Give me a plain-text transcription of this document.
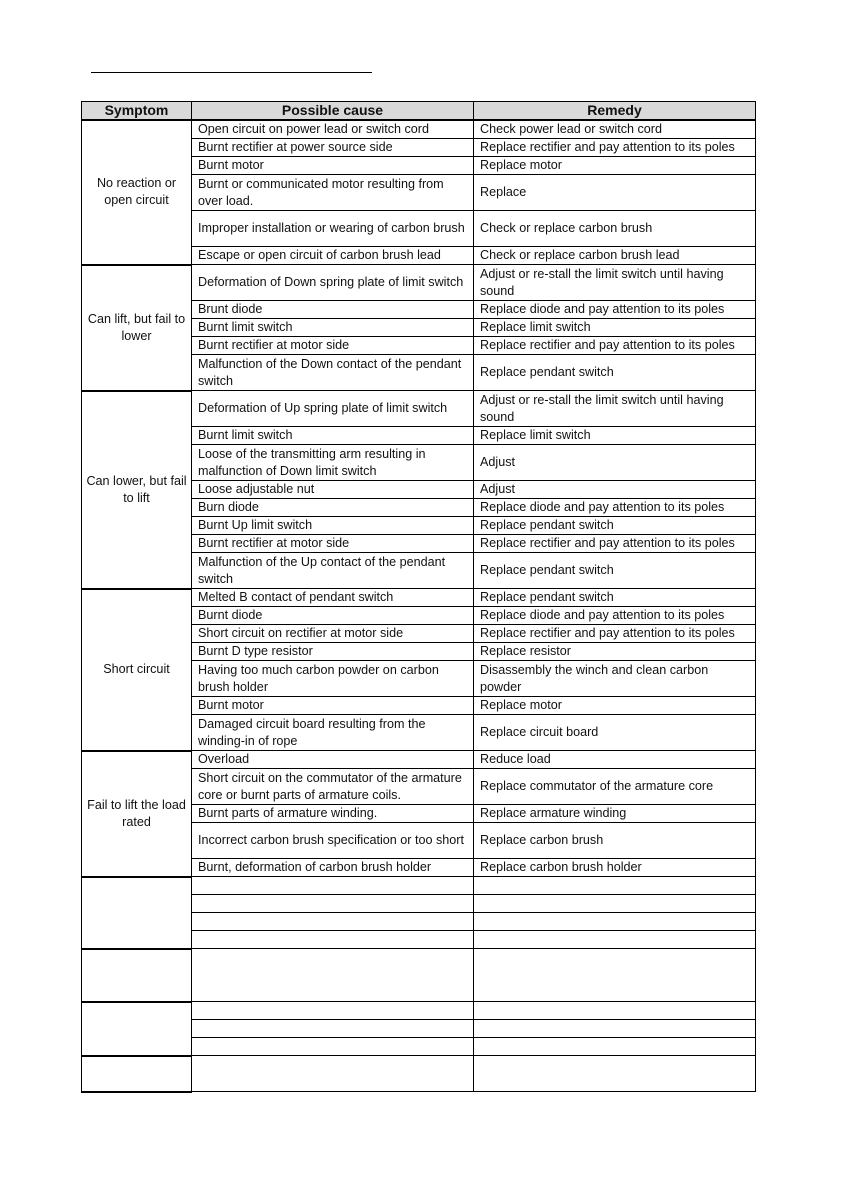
Symptom	Possible cause	Remedy
No reaction or open circuit	Open circuit on power lead or switch cord	Check power lead or switch cord
	Burnt rectifier at power source side	Replace rectifier and pay attention to its poles
	Burnt motor	Replace motor
	Burnt or communicated motor resulting from over load.	Replace
	Improper installation or wearing of carbon brush	Check or replace carbon brush
	Escape or open circuit of carbon brush lead	Check or replace carbon brush lead
Can lift, but fail to lower	Deformation of Down spring plate of limit switch	Adjust or re-stall the limit switch until having sound
	Brunt diode	Replace diode and pay attention to its poles
	Burnt limit switch	Replace limit switch
	Burnt rectifier at motor side	Replace rectifier and pay attention to its poles
	Malfunction of the Down contact of the pendant switch	Replace pendant switch
Can lower, but fail to lift	Deformation of Up spring plate of limit switch	Adjust or re-stall the limit switch until having sound
	Burnt limit switch	Replace limit switch
	Loose of the transmitting arm resulting in malfunction of Down limit switch	Adjust
	Loose adjustable nut	Adjust
	Burn diode	Replace diode and pay attention to its poles
	Burnt Up limit switch	Replace pendant switch
	Burnt rectifier at motor side	Replace rectifier and pay attention to its poles
	Malfunction of the Up contact of the pendant switch	Replace pendant switch
Short circuit	Melted B contact of pendant switch	Replace pendant switch
	Burnt diode	Replace diode and pay attention to its poles
	Short circuit on rectifier at motor side	Replace rectifier and pay attention to its poles
	Burnt D type resistor	Replace resistor
	Having too much carbon powder on carbon brush holder	Disassembly the winch and clean carbon powder
	Burnt motor	Replace motor
	Damaged circuit board resulting from the winding-in of rope	Replace circuit board
Fail to lift the load rated	Overload	Reduce load
	Short circuit on the commutator of the armature core or burnt parts of armature coils.	Replace commutator of the armature core
	Burnt parts of armature winding.	Replace armature winding
	Incorrect carbon brush specification or too short	Replace carbon brush
	Burnt, deformation of carbon brush holder	Replace carbon brush holder
